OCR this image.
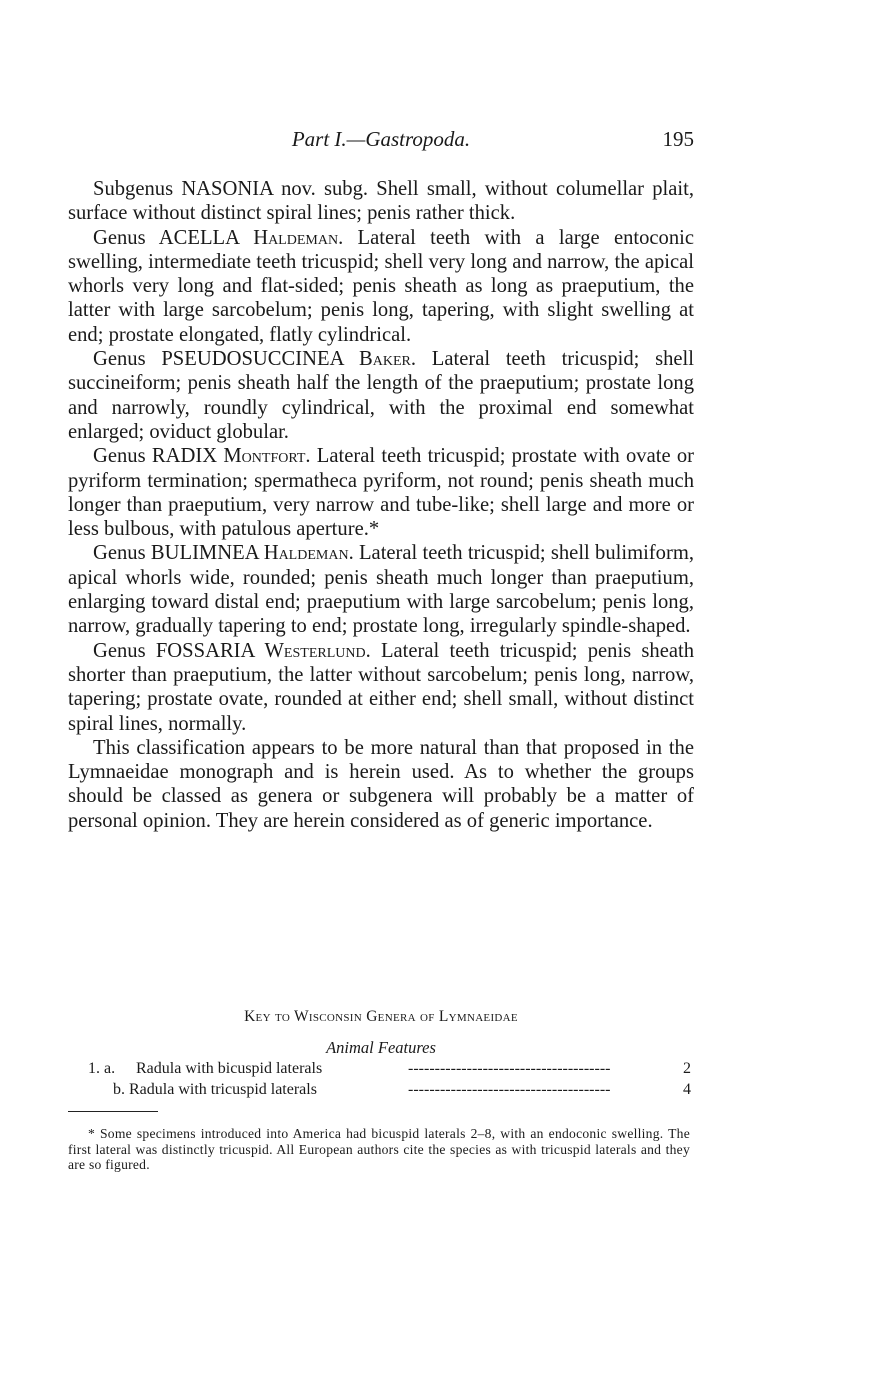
Part I.—Gastropoda.	195

Subgenus NASONIA nov. subg. Shell small, without columellar plait, surface without distinct spiral lines; penis rather thick.

Genus ACELLA Haldeman. Lateral teeth with a large entoconic swelling, intermediate teeth tricuspid; shell very long and narrow, the apical whorls very long and flat-sided; penis sheath as long as praeputium, the latter with large sarcobelum; penis long, tapering, with slight swelling at end; prostate elongated, flatly cylindrical.

Genus PSEUDOSUCCINEA Baker. Lateral teeth tricuspid; shell succineiform; penis sheath half the length of the praeputium; prostate long and narrowly, roundly cylindrical, with the proximal end somewhat enlarged; oviduct globular.

Genus RADIX Montfort. Lateral teeth tricuspid; prostate with ovate or pyriform termination; spermatheca pyriform, not round; penis sheath much longer than praeputium, very narrow and tube-like; shell large and more or less bulbous, with patulous aperture.*

Genus BULIMNEA Haldeman. Lateral teeth tricuspid; shell bulimiform, apical whorls wide, rounded; penis sheath much longer than praeputium, enlarging toward distal end; praeputium with large sarcobelum; penis long, narrow, gradually tapering to end; prostate long, irregularly spindle-shaped.

Genus FOSSARIA Westerlund. Lateral teeth tricuspid; penis sheath shorter than praeputium, the latter without sarcobelum; penis long, narrow, tapering; prostate ovate, rounded at either end; shell small, without distinct spiral lines, normally.

This classification appears to be more natural than that proposed in the Lymnaeidae monograph and is herein used. As to whether the groups should be classed as genera or subgenera will probably be a matter of personal opinion. They are herein considered as of generic importance.

Key to Wisconsin Genera of Lymnaeidae
Animal Features
1. a. Radula with bicuspid laterals	--------------------------------------	2
b. Radula with tricuspid laterals	--------------------------------------	4

* Some specimens introduced into America had bicuspid laterals 2–8, with an endoconic swelling. The first lateral was distinctly tricuspid. All European authors cite the species as with tricuspid laterals and they are so figured.
